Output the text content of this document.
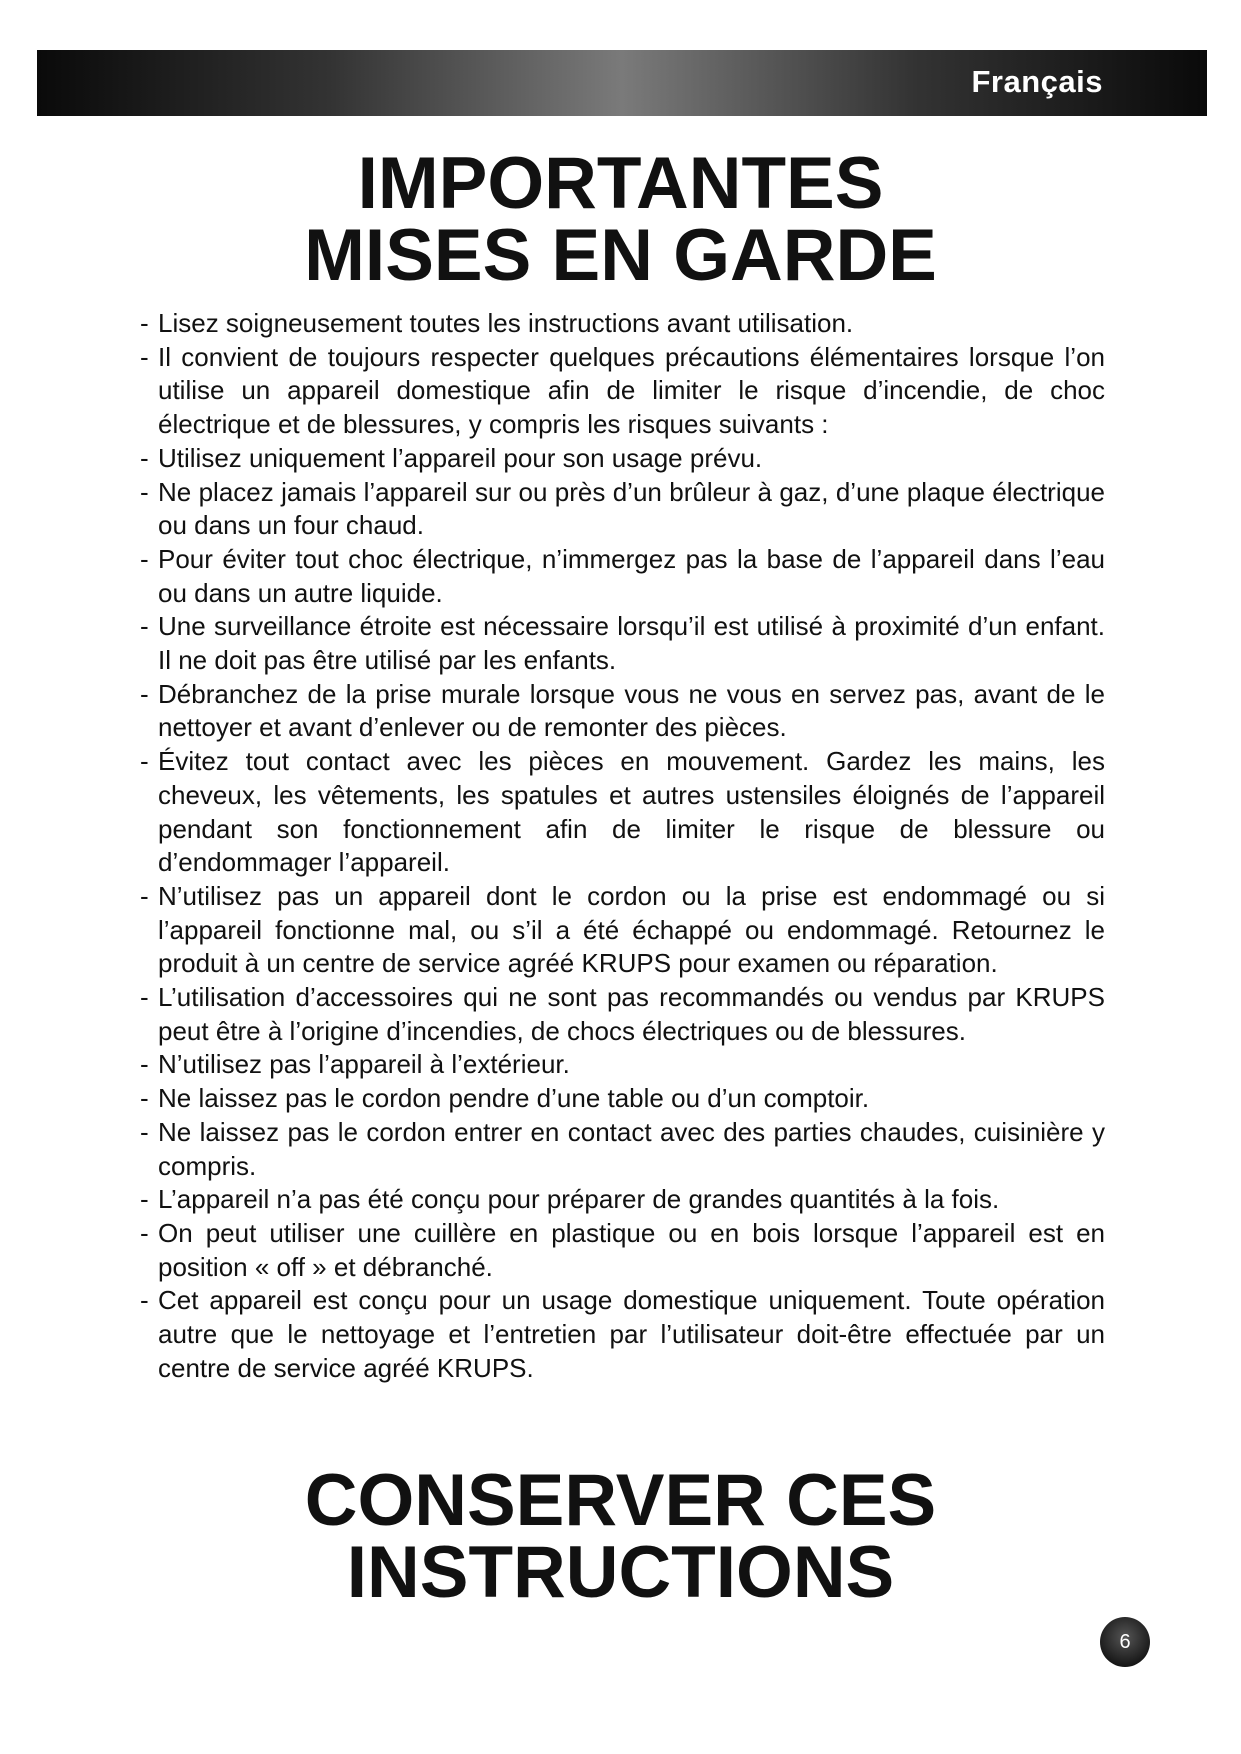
Français
IMPORTANTES
MISES EN GARDE
- Lisez soigneusement toutes les instructions avant utilisation.
- Il convient de toujours respecter quelques précautions élémentaires lorsque l’on utilise un appareil domestique afin de limiter le risque d’incendie, de choc électrique et de blessures, y compris les risques suivants :
- Utilisez uniquement l’appareil pour son usage prévu.
- Ne placez jamais l’appareil sur ou près d’un brûleur à gaz, d’une plaque électrique ou dans un four chaud.
- Pour éviter tout choc électrique, n’immergez pas la base de l’appareil dans l’eau ou dans un autre liquide.
- Une surveillance étroite est nécessaire lorsqu’il est utilisé à proximité d’un enfant. Il ne doit pas être utilisé par les enfants.
- Débranchez de la prise murale lorsque vous ne vous en servez pas, avant de le nettoyer et avant d’enlever ou de remonter des pièces.
- Évitez tout contact avec les pièces en mouvement. Gardez les mains, les cheveux, les vêtements, les spatules et autres ustensiles éloignés de l’appareil pendant son fonctionnement afin de limiter le risque de blessure ou d’endommager l’appareil.
- N’utilisez pas un appareil dont le cordon ou la prise est endommagé ou si l’appareil fonctionne mal, ou s’il a été échappé ou endommagé. Retournez le produit à un centre de service agréé KRUPS pour examen ou réparation.
- L’utilisation d’accessoires qui ne sont pas recommandés ou vendus par KRUPS peut être à l’origine d’incendies, de chocs électriques ou de blessures.
- N’utilisez pas l’appareil à l’extérieur.
- Ne laissez pas le cordon pendre d’une table ou d’un comptoir.
- Ne laissez pas le cordon entrer en contact avec des parties chaudes, cuisinière y compris.
- L’appareil n’a pas été conçu pour préparer de grandes quantités à la fois.
- On peut utiliser une cuillère en plastique ou en bois lorsque l’appareil est en position « off » et débranché.
- Cet appareil est conçu pour un usage domestique uniquement. Toute opération autre que le nettoyage et l’entretien par l’utilisateur doit-être effectuée par un centre de service agréé KRUPS.
CONSERVER CES
INSTRUCTIONS
6
